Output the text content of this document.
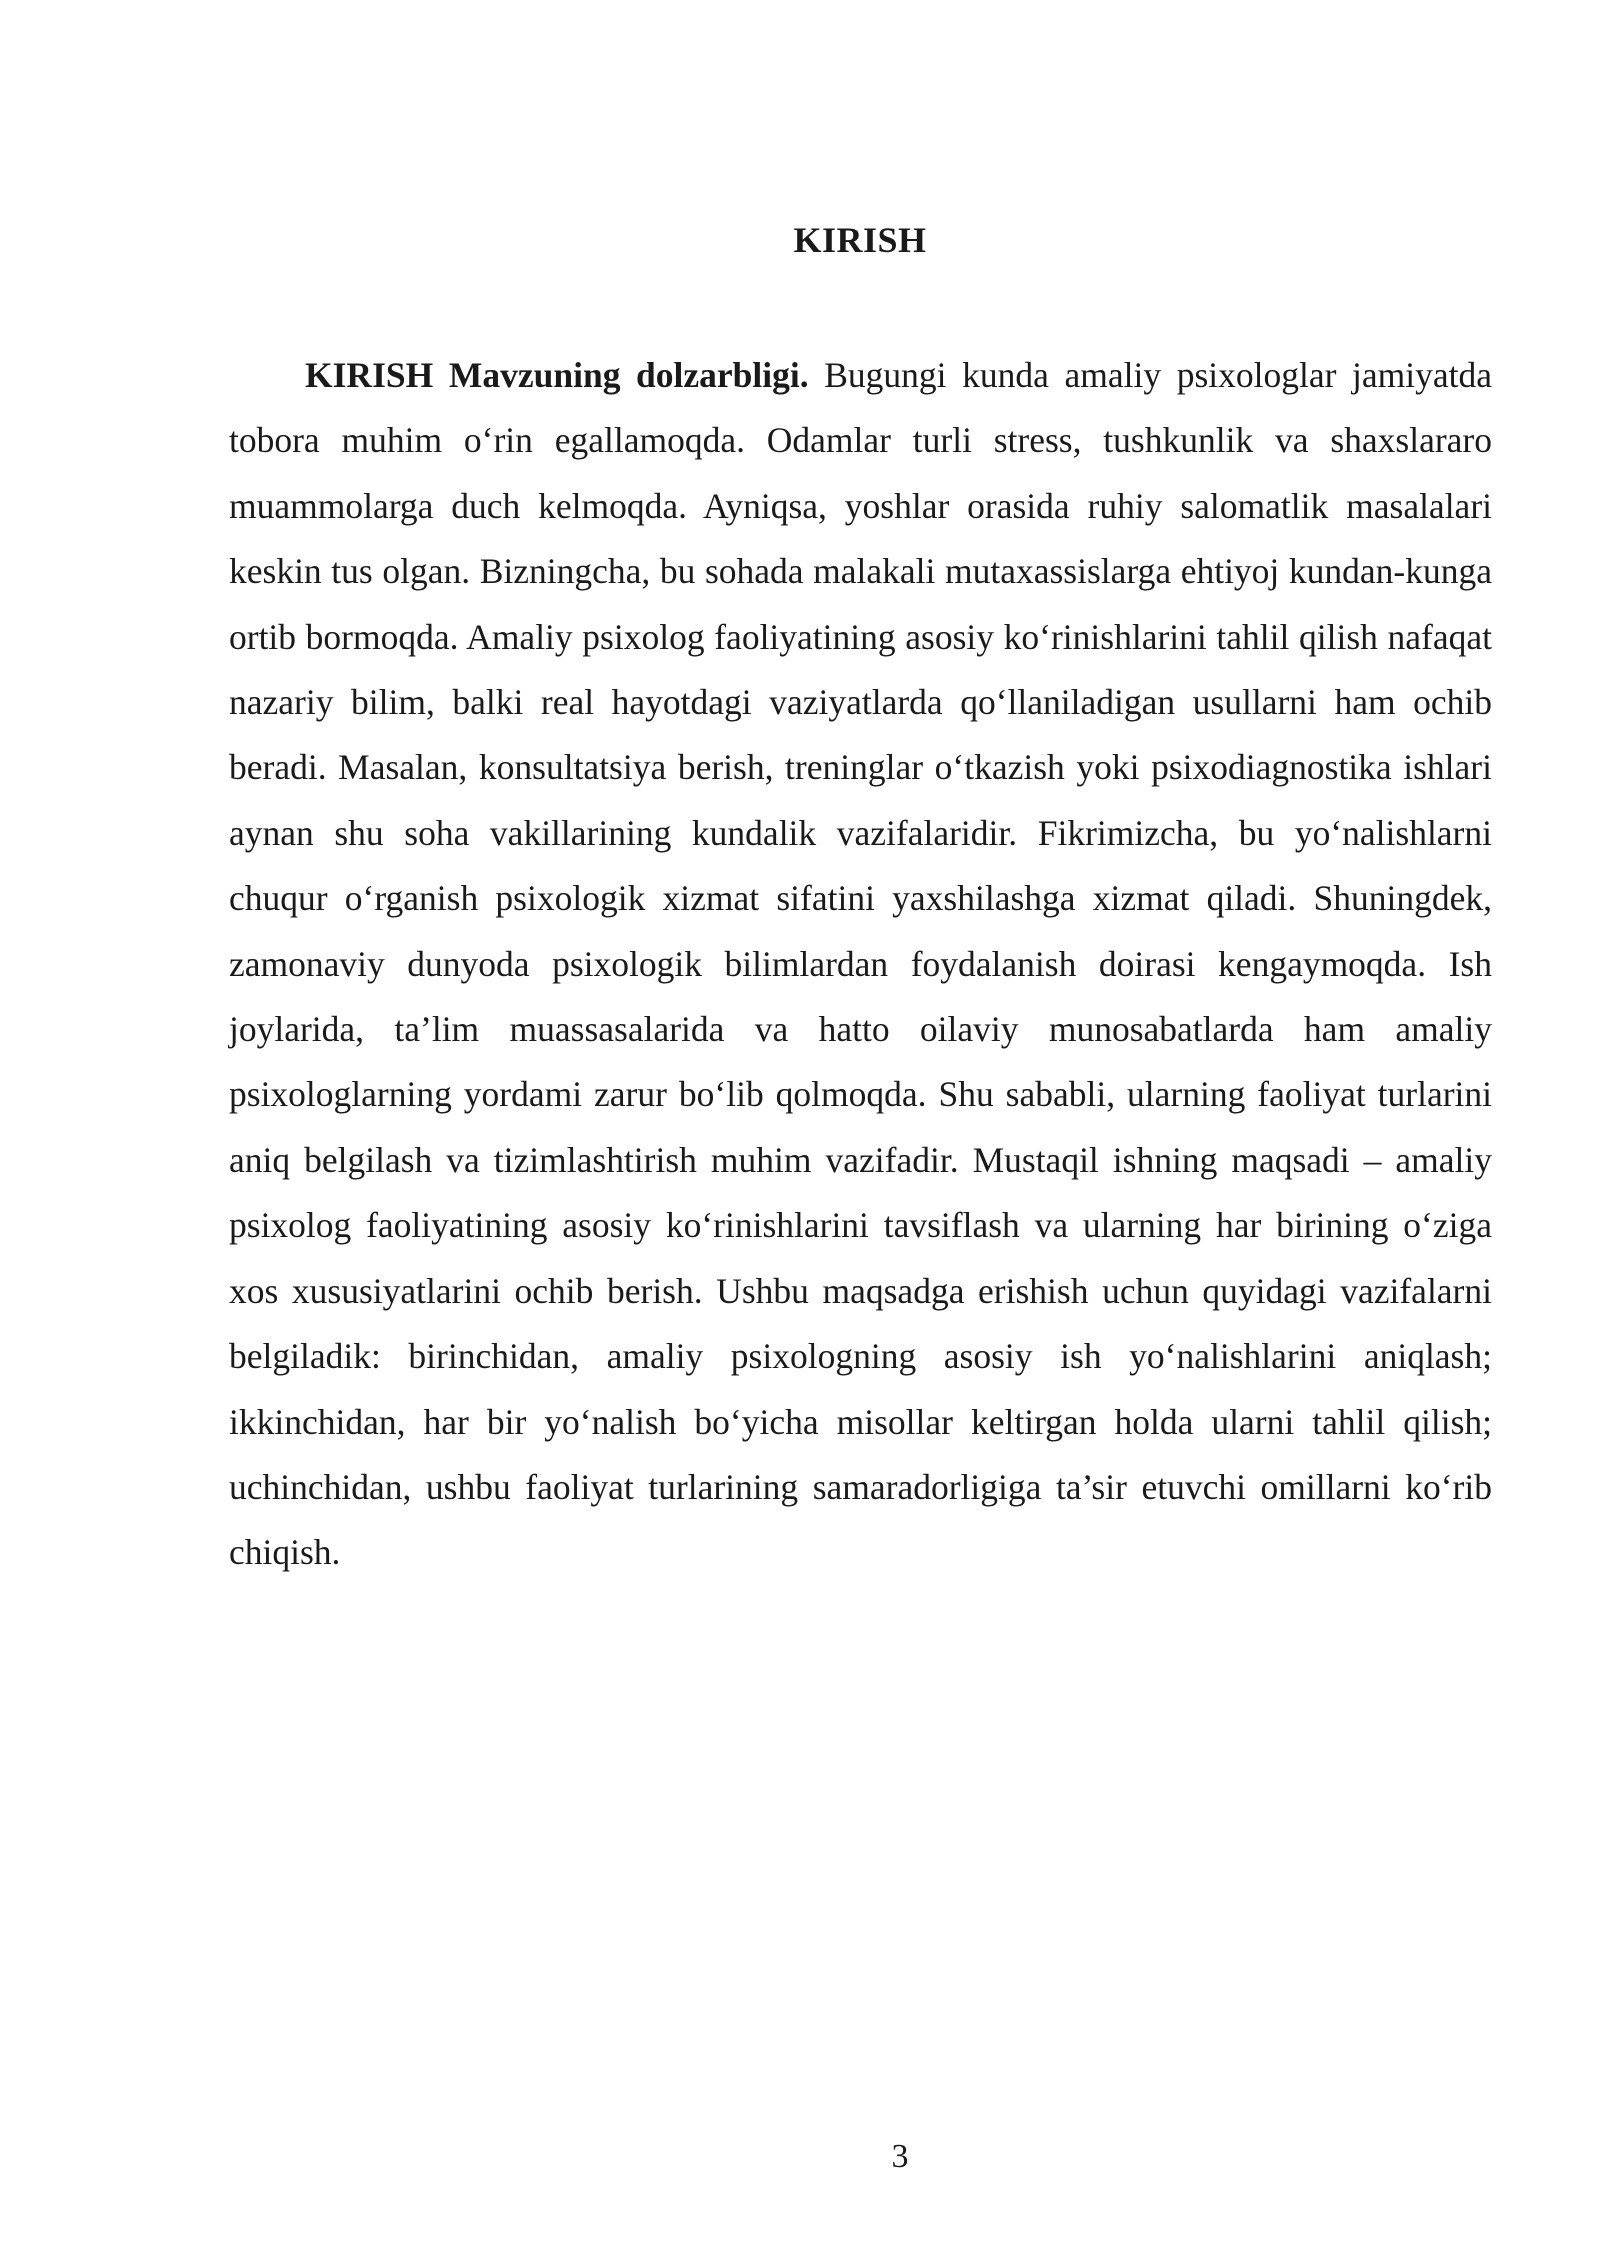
KIRISH

KIRISH Mavzuning dolzarbligi. Bugungi kunda amaliy psixologlar jamiyatda tobora muhim o‘rin egallamoqda. Odamlar turli stress, tushkunlik va shaxslararo muammolarga duch kelmoqda. Ayniqsa, yoshlar orasida ruhiy salomatlik masalalari keskin tus olgan. Bizningcha, bu sohada malakali mutaxassislarga ehtiyoj kundan-kunga ortib bormoqda. Amaliy psixolog faoliyatining asosiy ko‘rinishlarini tahlil qilish nafaqat nazariy bilim, balki real hayotdagi vaziyatlarda qo‘llaniladigan usullarni ham ochib beradi. Masalan, konsultatsiya berish, treninglar o‘tkazish yoki psixodiagnostika ishlari aynan shu soha vakillarining kundalik vazifalaridir. Fikrimizcha, bu yo‘nalishlarni chuqur o‘rganish psixologik xizmat sifatini yaxshilashga xizmat qiladi. Shuningdek, zamonaviy dunyoda psixologik bilimlardan foydalanish doirasi kengaymoqda. Ish joylarida, ta’lim muassasalarida va hatto oilaviy munosabatlarda ham amaliy psixologlarning yordami zarur bo‘lib qolmoqda. Shu sababli, ularning faoliyat turlarini aniq belgilash va tizimlashtirish muhim vazifadir. Mustaqil ishning maqsadi – amaliy psixolog faoliyatining asosiy ko‘rinishlarini tavsiflash va ularning har birining o‘ziga xos xususiyatlarini ochib berish. Ushbu maqsadga erishish uchun quyidagi vazifalarni belgiladik: birinchidan, amaliy psixologning asosiy ish yo‘nalishlarini aniqlash; ikkinchidan, har bir yo‘nalish bo‘yicha misollar keltirgan holda ularni tahlil qilish; uchinchidan, ushbu faoliyat turlarining samaradorligiga ta’sir etuvchi omillarni ko‘rib chiqish.

3
